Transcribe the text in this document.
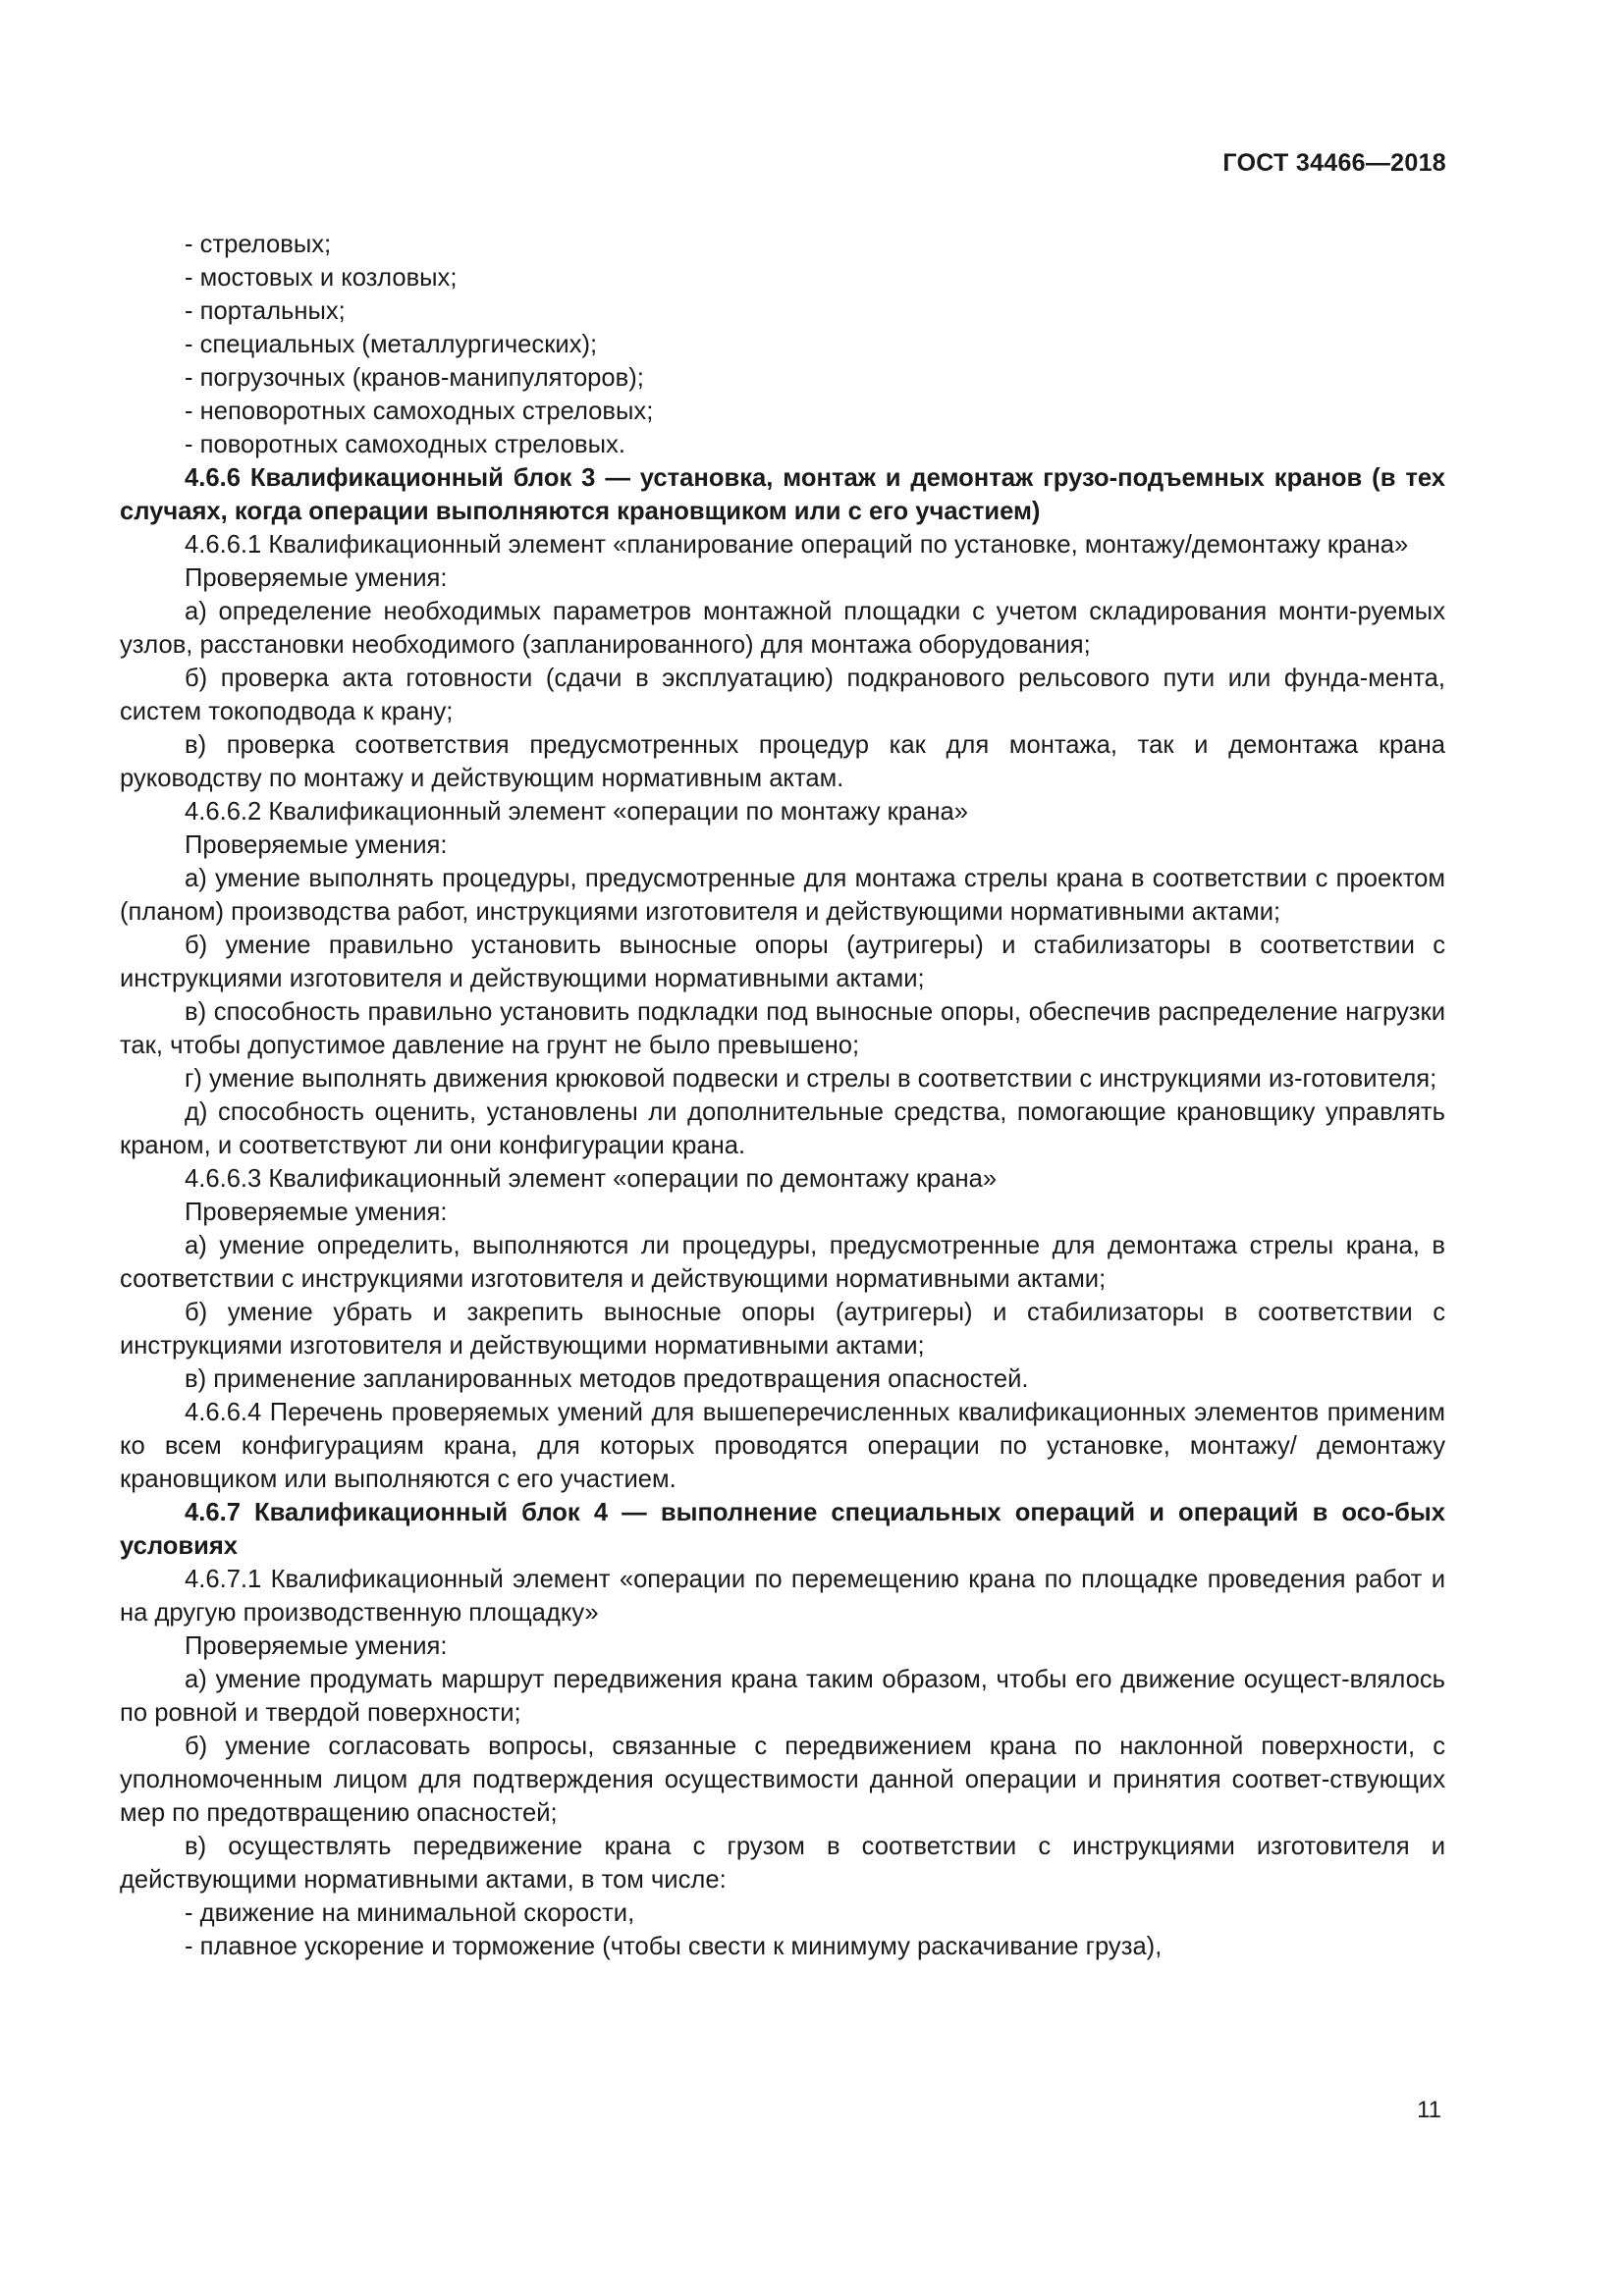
ГОСТ 34466—2018

- стреловых;

- мостовых и козловых;

- портальных;

- специальных (металлургических);

- погрузочных (кранов-манипуляторов);

- неповоротных самоходных стреловых;

- поворотных самоходных стреловых.

4.6.6 Квалификационный блок 3 — установка, монтаж и демонтаж грузо-подъемных кранов (в тех случаях, когда операции выполняются крановщиком или с его участием)

4.6.6.1 Квалификационный элемент «планирование операций по установке, монтажу/демонтажу крана»

Проверяемые умения:

а) определение необходимых параметров монтажной площадки с учетом складирования монти-руемых узлов, расстановки необходимого (запланированного) для монтажа оборудования;

б) проверка акта готовности (сдачи в эксплуатацию) подкранового рельсового пути или фунда-мента, систем токоподвода к крану;

в) проверка соответствия предусмотренных процедур как для монтажа, так и демонтажа крана руководству по монтажу и действующим нормативным актам.

4.6.6.2 Квалификационный элемент «операции по монтажу крана»

Проверяемые умения:

а) умение выполнять процедуры, предусмотренные для монтажа стрелы крана в соответствии с проектом (планом) производства работ, инструкциями изготовителя и действующими нормативными актами;

б) умение правильно установить выносные опоры (аутригеры) и стабилизаторы в соответствии с инструкциями изготовителя и действующими нормативными актами;

в) способность правильно установить подкладки под выносные опоры, обеспечив распределение нагрузки так, чтобы допустимое давление на грунт не было превышено;

г) умение выполнять движения крюковой подвески и стрелы в соответствии с инструкциями из-готовителя;

д) способность оценить, установлены ли дополнительные средства, помогающие крановщику управлять краном, и соответствуют ли они конфигурации крана.

4.6.6.3 Квалификационный элемент «операции по демонтажу крана»

Проверяемые умения:

а) умение определить, выполняются ли процедуры, предусмотренные для демонтажа стрелы крана, в соответствии с инструкциями изготовителя и действующими нормативными актами;

б) умение убрать и закрепить выносные опоры (аутригеры) и стабилизаторы в соответствии с инструкциями изготовителя и действующими нормативными актами;

в) применение запланированных методов предотвращения опасностей.

4.6.6.4 Перечень проверяемых умений для вышеперечисленных квалификационных элементов применим ко всем конфигурациям крана, для которых проводятся операции по установке, монтажу/ демонтажу крановщиком или выполняются с его участием.

4.6.7 Квалификационный блок 4 — выполнение специальных операций и операций в осо-бых условиях

4.6.7.1 Квалификационный элемент «операции по перемещению крана по площадке проведения работ и на другую производственную площадку»

Проверяемые умения:

а) умение продумать маршрут передвижения крана таким образом, чтобы его движение осущест-влялось по ровной и твердой поверхности;

б) умение согласовать вопросы, связанные с передвижением крана по наклонной поверхности, с уполномоченным лицом для подтверждения осуществимости данной операции и принятия соответ-ствующих мер по предотвращению опасностей;

в) осуществлять передвижение крана с грузом в соответствии с инструкциями изготовителя и действующими нормативными актами, в том числе:

- движение на минимальной скорости,

- плавное ускорение и торможение (чтобы свести к минимуму раскачивание груза),

11
